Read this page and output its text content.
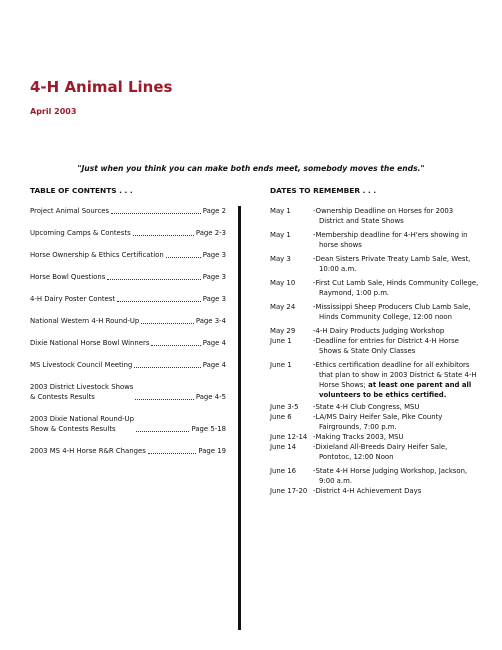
4-H Animal Lines
April 2003
"Just when you think you can make both ends meet, somebody moves the ends."
TABLE OF CONTENTS . . .	DATES TO REMEMBER . . .
Project Animal Sources	Page 2
Upcoming Camps & Contests	Page 2-3
Horse Ownership & Ethics Certification	Page 3
Horse Bowl Questions	Page 3
4-H Dairy Poster Contest	Page 3
National Western 4-H Round-Up	Page 3-4
Dixie National Horse Bowl Winners	Page 4
MS Livestock Council Meeting	Page 4
2003 District Livestock Shows
& Contests Results	Page 4-5
2003 Dixie National Round-Up
Show & Contests Results	Page 5-18
2003 MS 4-H Horse R&R Changes	Page 19
May 1	-Ownership Deadline on Horses for 2003 District and State Shows
May 1	-Membership deadline for 4-H'ers showing in horse shows
May 3	-Dean Sisters Private Treaty Lamb Sale, West, 10:00 a.m.
May 10	-First Cut Lamb Sale, Hinds Community College, Raymond, 1:00 p.m.
May 24	-Mississippi Sheep Producers Club Lamb Sale, Hinds Community College, 12:00 noon
May 29	-4-H Dairy Products Judging Workshop
June 1	-Deadline for entries for District 4-H Horse Shows & State Only Classes
June 1	-Ethics certification deadline for all exhibitors that plan to show in 2003 District & State 4-H Horse Shows; at least one parent and all volunteers to be ethics certified.
June 3-5	-State 4-H Club Congress, MSU
June 6	-LA/MS Dairy Heifer Sale, Pike County Fairgrounds, 7:00 p.m.
June 12-14 -Making Tracks 2003, MSU
June 14	-Dixieland All-Breeds Dairy Heifer Sale, Pontotoc, 12:00 Noon
June 16	-State 4-H Horse Judging Workshop, Jackson, 9:00 a.m.
June 17-20 -District 4-H Achievement Days
